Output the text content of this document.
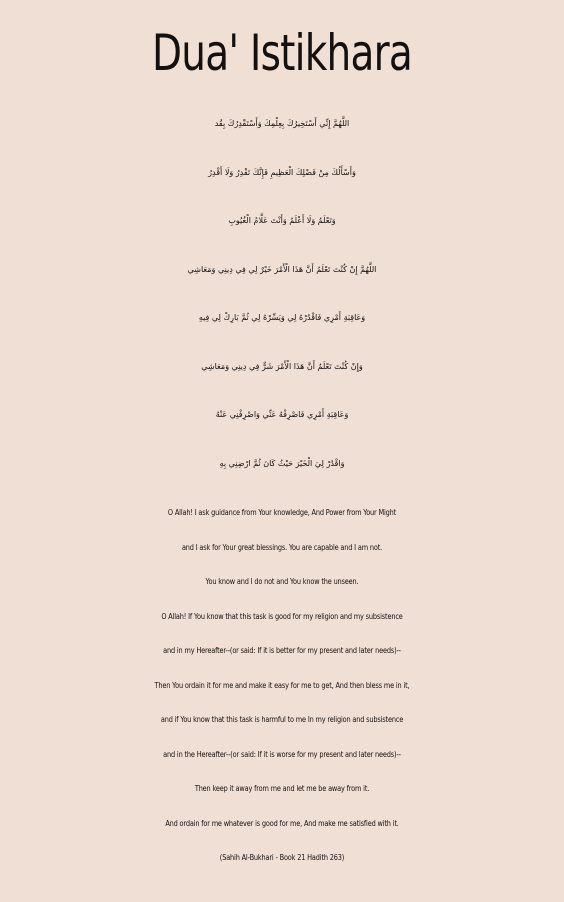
Dua' Istikhara
اللَّهُمَّ إِنِّي أَسْتَخِيرُكَ بِعِلْمِكَ وَأَسْتَقْدِرُكَ بِقُد
وَأَسْأَلُكَ مِنْ فَضْلِكَ الْعَظِيمِ فَإِنَّكَ تَقْدِرُ وَلَا أَقْدِرُ
وَتَعْلَمُ وَلَا أَعْلَمُ وَأَنْتَ عَلَّامُ الْغُيُوبِ
اللَّهُمَّ إِنْ كُنْتَ تَعْلَمُ أَنَّ هَذَا الْأَمْرَ خَيْرٌ لِي فِي دِينِي وَمَعَاشِي
وَعَاقِبَةِ أَمْرِي فَاقْدُرْهُ لِي وَيَسِّرْهُ لِي ثُمَّ بَارِكْ لِي فِيهِ
وَإِنْ كُنْتَ تَعْلَمُ أَنَّ هَذَا الْأَمْرَ شَرٌّ فِي دِينِي وَمَعَاشِي
وَعَاقِبَةِ أَمْرِي فَاصْرِفْهُ عَنِّي وَاصْرِفْنِي عَنْهُ
وَاقْدُرْ لِيَ الْخَيْرَ حَيْثُ كَانَ ثُمَّ ارْضِنِي بِهِ
O Allah! I ask guidance from Your knowledge, And Power from Your Might
and I ask for Your great blessings. You are capable and I am not.
You know and I do not and You know the unseen.
O Allah! If You know that this task is good for my religion and my subsistence
and in my Hereafter--(or said: If it is better for my present and later needs)--
Then You ordain it for me and make it easy for me to get, And then bless me in it,
and if You know that this task is harmful to me In my religion and subsistence
and in the Hereafter--(or said: If it is worse for my present and later needs)--
Then keep it away from me and let me be away from it.
And ordain for me whatever is good for me, And make me satisfied with it.
(Sahih Al-Bukhari - Book 21 Hadith 263)
